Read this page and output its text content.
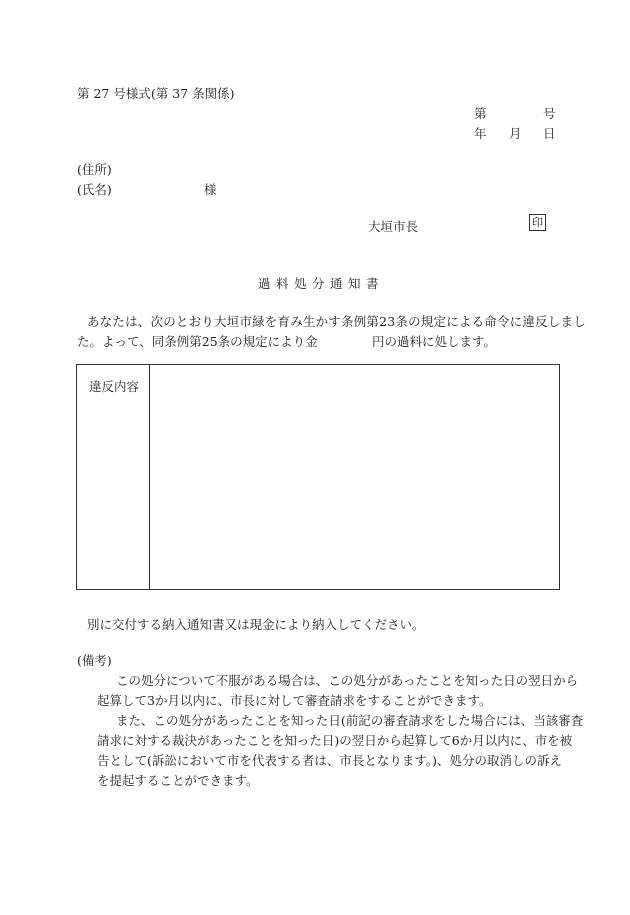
第 27 号様式(第 37 条関係)
第	号
年 月 日
(住所)
(氏名)	様
大垣市長	印
過料処分通知書
あなたは、次のとおり大垣市緑を育み生かす条例第23条の規定による命令に違反しまし
た。よって、同条例第25条の規定により金	円の過料に処します。
違反内容
別に交付する納入通知書又は現金により納入してください。
(備考)
この処分について不服がある場合は、この処分があったことを知った日の翌日から
起算して3か月以内に、市長に対して審査請求をすることができます。
また、この処分があったことを知った日(前記の審査請求をした場合には、当該審査
請求に対する裁決があったことを知った日)の翌日から起算して6か月以内に、市を被
告として(訴訟において市を代表する者は、市長となります。)、処分の取消しの訴え
を提起することができます。
